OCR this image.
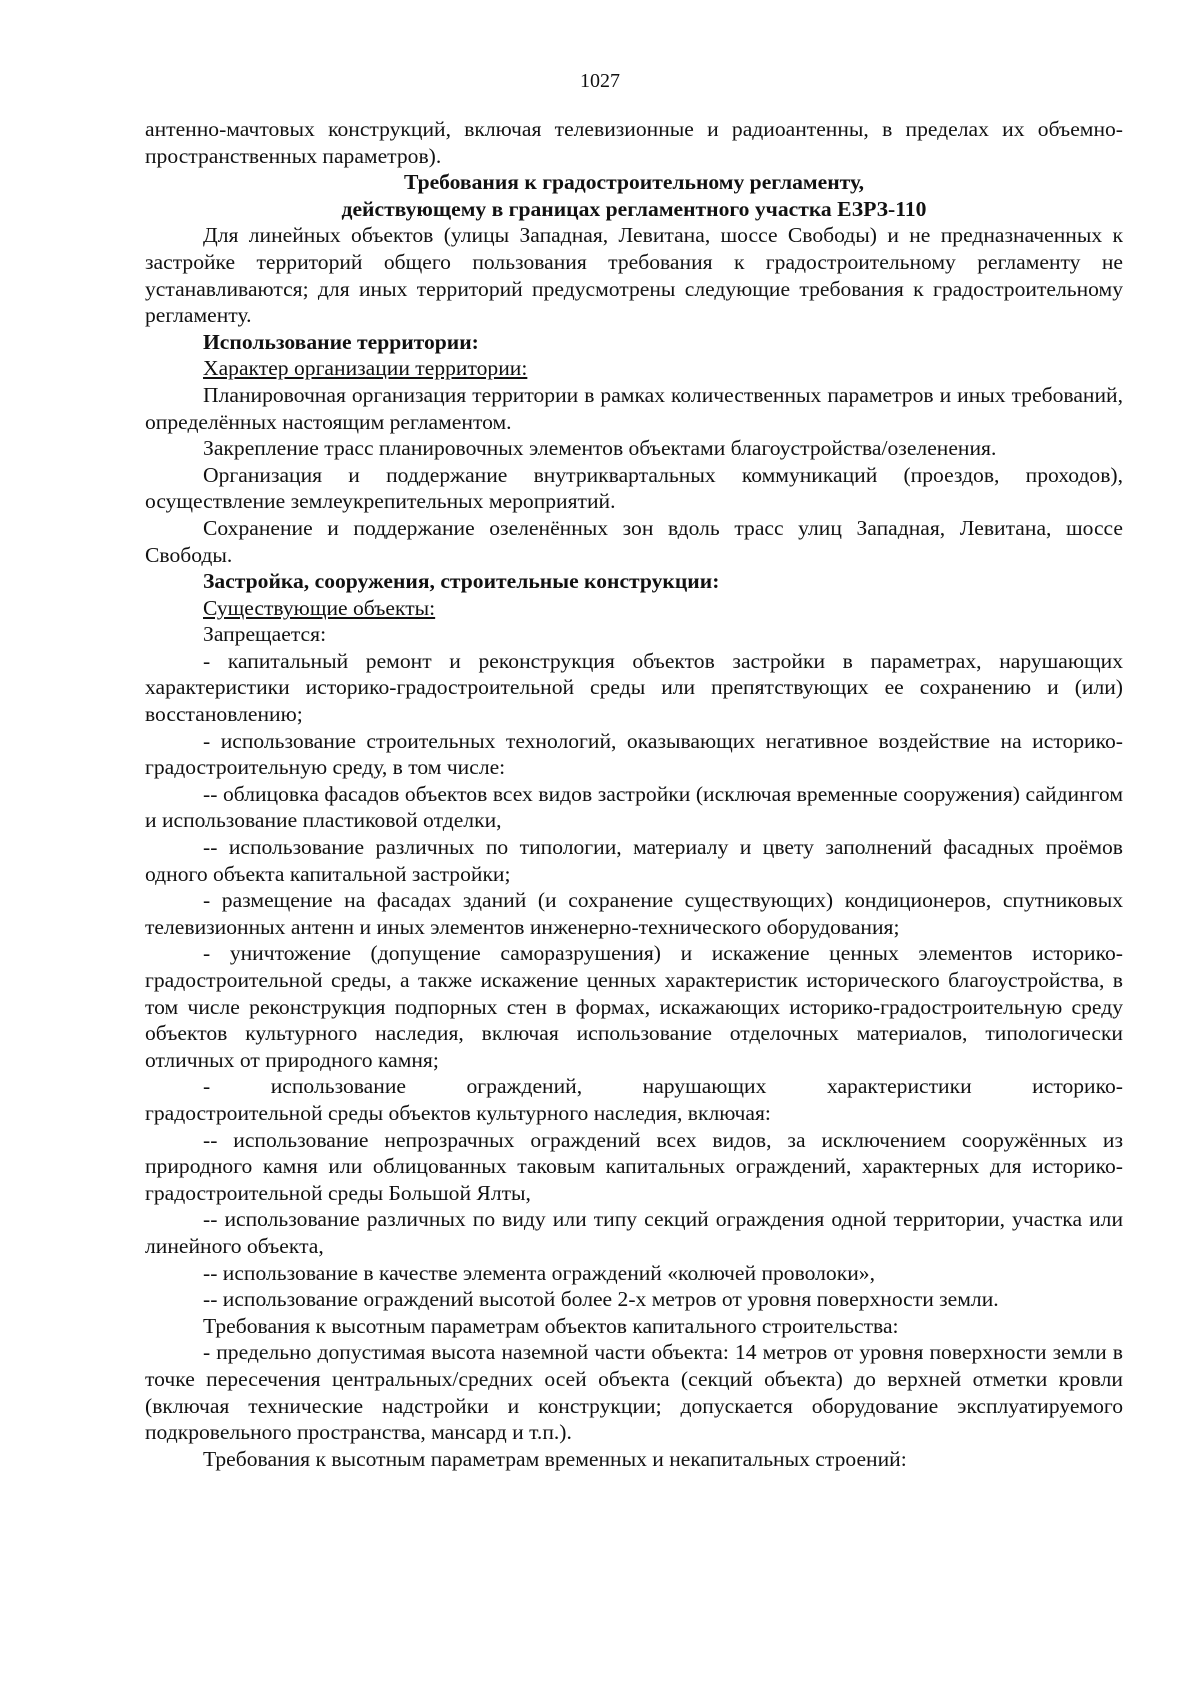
1027

антенно-мачтовых конструкций, включая телевизионные и радиоантенны, в пределах их объемно-пространственных параметров).

Требования к градостроительному регламенту,

действующему в границах регламентного участка ЕЗРЗ-110

Для линейных объектов (улицы Западная, Левитана, шоссе Свободы) и не предназначенных к застройке территорий общего пользования требования к градостроительному регламенту не устанавливаются; для иных территорий предусмотрены следующие требования к градостроительному регламенту.

Использование территории:

Характер организации территории:

Планировочная организация территории в рамках количественных параметров и иных требований, определённых настоящим регламентом.

Закрепление трасс планировочных элементов объектами благоустройства/озеленения.

Организация и поддержание внутриквартальных коммуникаций (проездов, проходов), осуществление землеукрепительных мероприятий.

Сохранение и поддержание озеленённых зон вдоль трасс улиц Западная, Левитана, шоссе Свободы.

Застройка, сооружения, строительные конструкции:

Существующие объекты:

Запрещается:

- капитальный ремонт и реконструкция объектов застройки в параметрах, нарушающих характеристики историко-градостроительной среды или препятствующих ее сохранению и (или) восстановлению;

- использование строительных технологий, оказывающих негативное воздействие на историко-градостроительную среду, в том числе:

-- облицовка фасадов объектов всех видов застройки (исключая временные сооружения) сайдингом и использование пластиковой отделки,

-- использование различных по типологии, материалу и цвету заполнений фасадных проёмов одного объекта капитальной застройки;

- размещение на фасадах зданий (и сохранение существующих) кондиционеров, спутниковых телевизионных антенн и иных элементов инженерно-технического оборудования;

- уничтожение (допущение саморазрушения) и искажение ценных элементов историко-градостроительной среды, а также искажение ценных характеристик исторического благоустройства, в том числе реконструкция подпорных стен в формах, искажающих историко-градостроительную среду объектов культурного наследия, включая использование отделочных материалов, типологически отличных от природного камня;

- использование ограждений, нарушающих характеристики историко-

градостроительной среды объектов культурного наследия, включая:

-- использование непрозрачных ограждений всех видов, за исключением сооружённых из природного камня или облицованных таковым капитальных ограждений, характерных для историко-градостроительной среды Большой Ялты,

-- использование различных по виду или типу секций ограждения одной территории, участка или линейного объекта,

-- использование в качестве элемента ограждений «колючей проволоки»,

-- использование ограждений высотой более 2-х метров от уровня поверхности земли.

Требования к высотным параметрам объектов капитального строительства:

- предельно допустимая высота наземной части объекта: 14 метров от уровня поверхности земли в точке пересечения центральных/средних осей объекта (секций объекта) до верхней отметки кровли (включая технические надстройки и конструкции; допускается оборудование эксплуатируемого подкровельного пространства, мансард и т.п.).

Требования к высотным параметрам временных и некапитальных строений:
